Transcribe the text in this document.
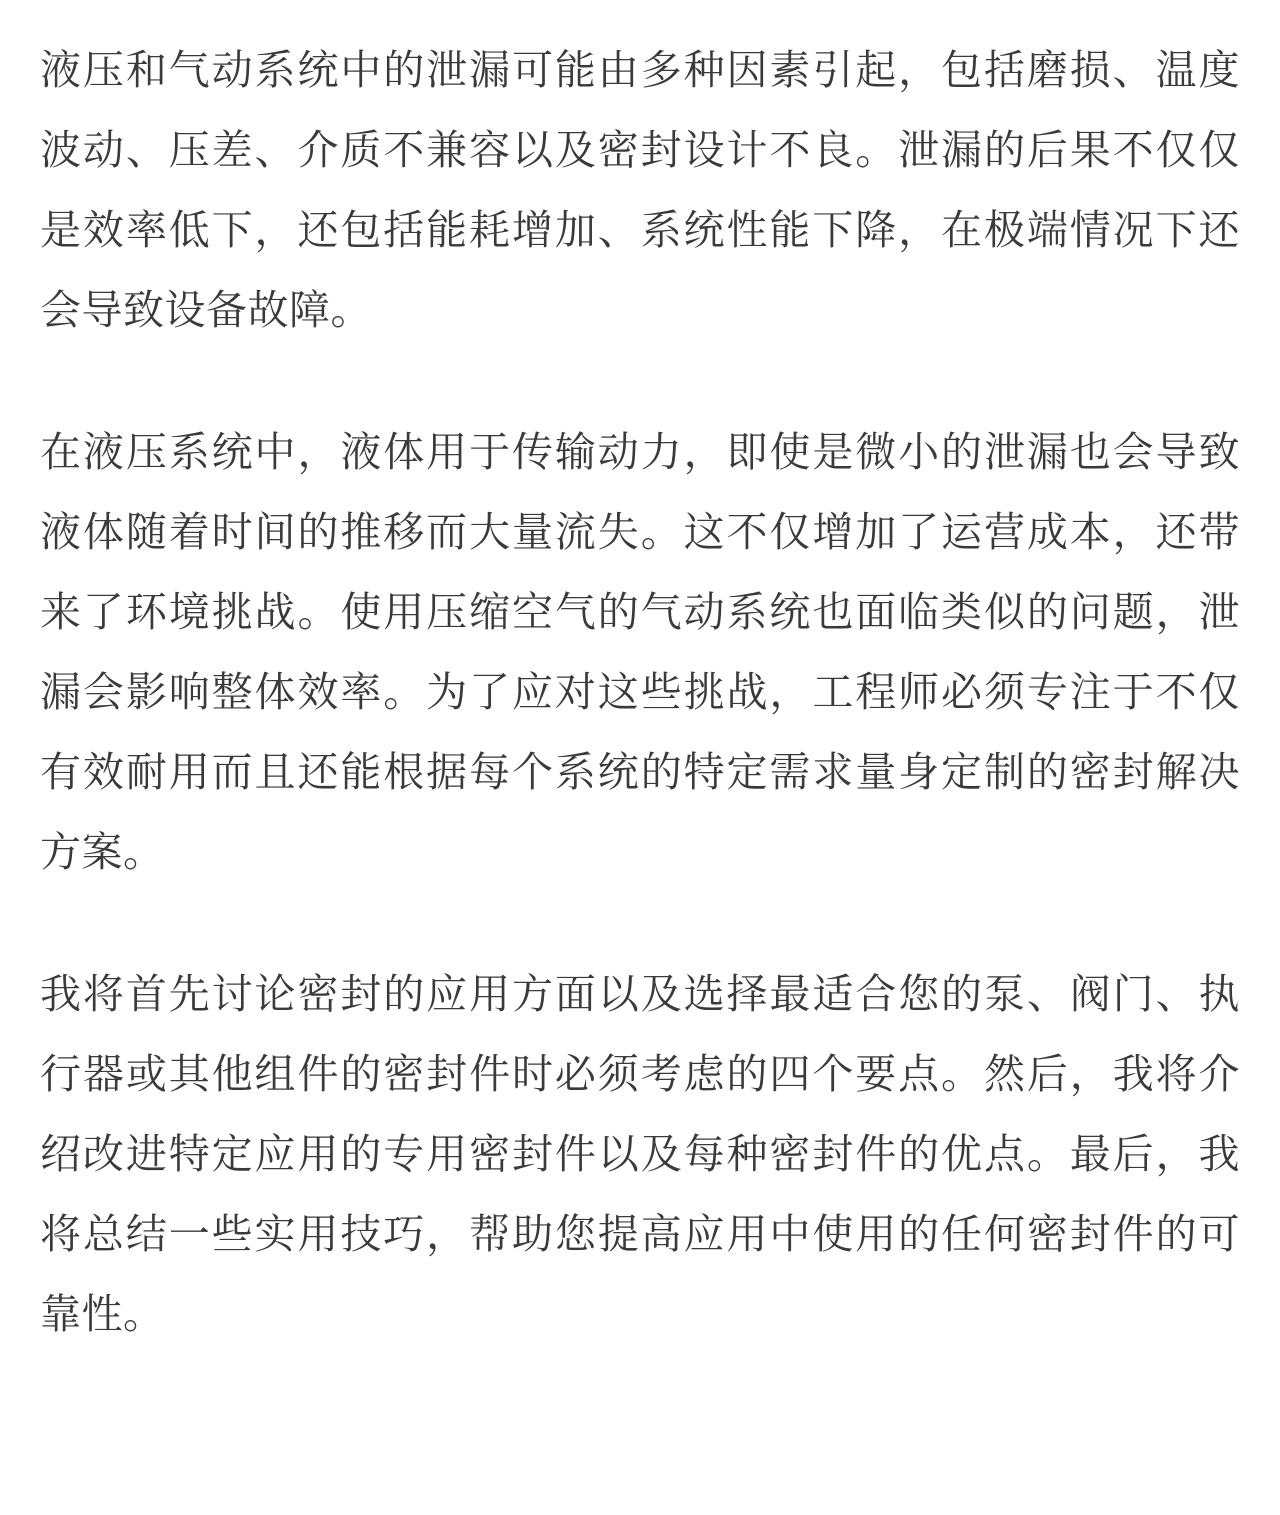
液压和气动系统中的泄漏可能由多种因素引起，包括磨损、温度波动、压差、介质不兼容以及密封设计不良。泄漏的后果不仅仅是效率低下，还包括能耗增加、系统性能下降，在极端情况下还会导致设备故障。

在液压系统中，液体用于传输动力，即使是微小的泄漏也会导致液体随着时间的推移而大量流失。这不仅增加了运营成本，还带来了环境挑战。使用压缩空气的气动系统也面临类似的问题，泄漏会影响整体效率。为了应对这些挑战，工程师必须专注于不仅有效耐用而且还能根据每个系统的特定需求量身定制的密封解决方案。

我将首先讨论密封的应用方面以及选择最适合您的泵、阀门、执行器或其他组件的密封件时必须考虑的四个要点。然后，我将介绍改进特定应用的专用密封件以及每种密封件的优点。最后，我将总结一些实用技巧，帮助您提高应用中使用的任何密封件的可靠性。
